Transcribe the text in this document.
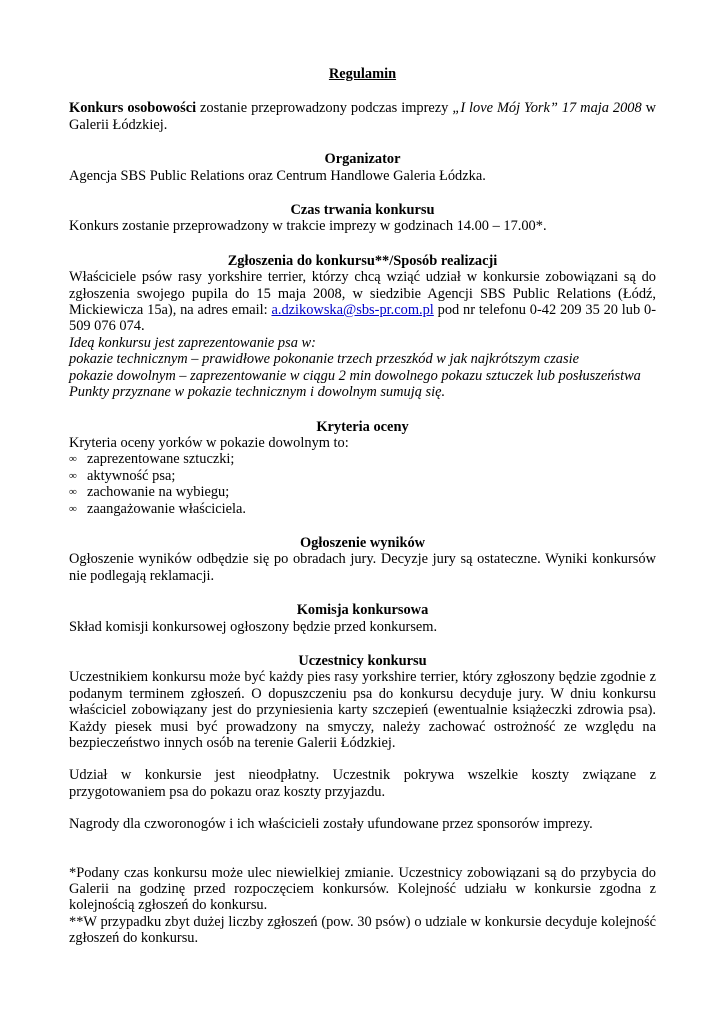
Regulamin

Konkurs osobowości zostanie przeprowadzony podczas imprezy „I love Mój York” 17 maja 2008 w Galerii Łódzkiej.

Organizator

Agencja SBS Public Relations oraz Centrum Handlowe Galeria Łódzka.

Czas trwania konkursu

Konkurs zostanie przeprowadzony w trakcie imprezy w godzinach 14.00 – 17.00*.

Zgłoszenia do konkursu**/Sposób realizacji

Właściciele psów rasy yorkshire terrier, którzy chcą wziąć udział w konkursie zobowiązani są do zgłoszenia swojego pupila do 15 maja 2008, w siedzibie Agencji SBS Public Relations (Łódź, Mickiewicza 15a), na adres email: a.dzikowska@sbs-pr.com.pl pod nr telefonu 0-42 209 35 20 lub 0-509 076 074.

Ideą konkursu jest zaprezentowanie psa w:

pokazie technicznym – prawidłowe pokonanie trzech przeszkód w jak najkrótszym czasie

pokazie dowolnym – zaprezentowanie w ciągu 2 min dowolnego pokazu sztuczek lub posłuszeństwa

Punkty przyznane w pokazie technicznym i dowolnym sumują się.

Kryteria oceny

Kryteria oceny yorków w pokazie dowolnym to:

∞ zaprezentowane sztuczki;
∞ aktywność psa;
∞ zachowanie na wybiegu;
∞ zaangażowanie właściciela.

Ogłoszenie wyników

Ogłoszenie wyników odbędzie się po obradach jury. Decyzje jury są ostateczne. Wyniki konkursów nie podlegają reklamacji.

Komisja konkursowa

Skład komisji konkursowej ogłoszony będzie przed konkursem.

Uczestnicy konkursu

Uczestnikiem konkursu może być każdy pies rasy yorkshire terrier, który zgłoszony będzie zgodnie z podanym terminem zgłoszeń. O dopuszczeniu psa do konkursu decyduje jury. W dniu konkursu właściciel zobowiązany jest do przyniesienia karty szczepień (ewentualnie książeczki zdrowia psa). Każdy piesek musi być prowadzony na smyczy, należy zachować ostrożność ze względu na bezpieczeństwo innych osób na terenie Galerii Łódzkiej.

Udział w konkursie jest nieodpłatny. Uczestnik pokrywa wszelkie koszty związane z przygotowaniem psa do pokazu oraz koszty przyjazdu.

Nagrody dla czworonogów i ich właścicieli zostały ufundowane przez sponsorów imprezy.

*Podany czas konkursu może ulec niewielkiej zmianie. Uczestnicy zobowiązani są do przybycia do Galerii na godzinę przed rozpoczęciem konkursów. Kolejność udziału w konkursie zgodna z kolejnością zgłoszeń do konkursu.

**W przypadku zbyt dużej liczby zgłoszeń (pow. 30 psów) o udziale w konkursie decyduje kolejność zgłoszeń do konkursu.
